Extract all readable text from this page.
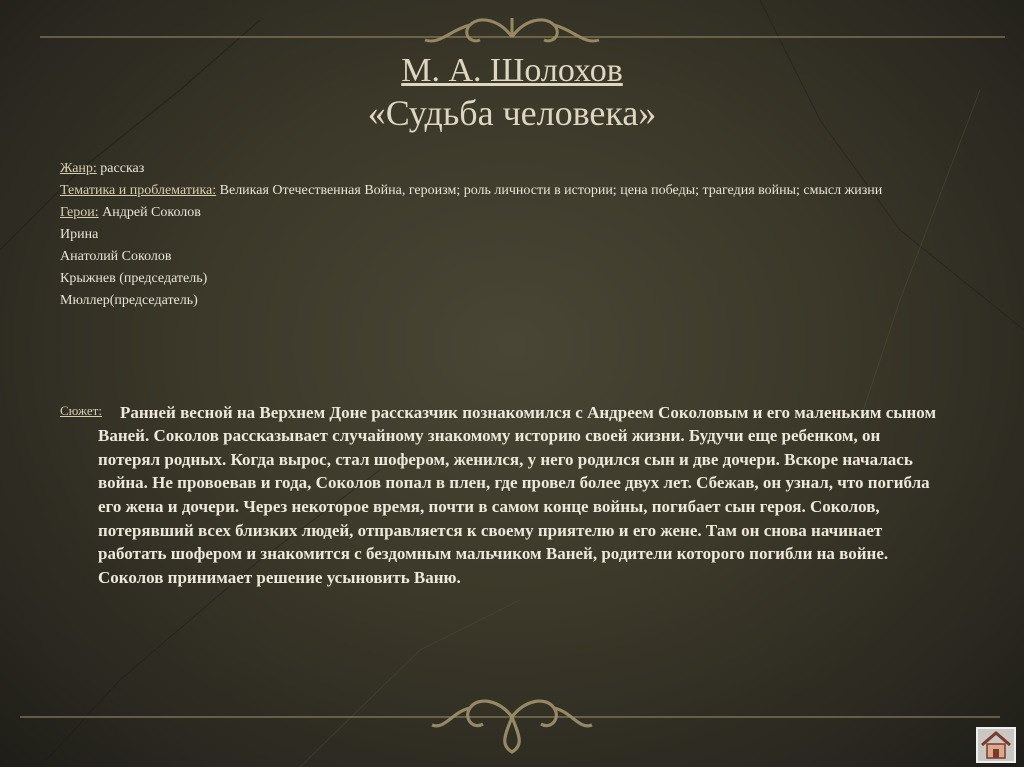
М. А. Шолохов
«Судьба человека»
Жанр: рассказ
Тематика и проблематика: Великая Отечественная Война, героизм; роль личности в истории; цена победы; трагедия войны; смысл жизни
Герои: Андрей Соколов
Ирина
Анатолий Соколов
Крыжнев (председатель)
Мюллер(председатель)
Сюжет:	Ранней весной на Верхнем Доне рассказчик познакомился с Андреем Соколовым и его маленьким сыном Ваней. Соколов рассказывает случайному знакомому историю своей жизни. Будучи еще ребенком, он потерял родных. Когда вырос, стал шофером, женился, у него родился сын и две дочери. Вскоре началась война. Не провоевав и года, Соколов попал в плен, где провел более двух лет. Сбежав, он узнал, что погибла его жена и дочери. Через некоторое время, почти в самом конце войны, погибает сын героя. Соколов, потерявший всех близких людей, отправляется к своему приятелю и его жене. Там он снова начинает работать шофером и знакомится с бездомным мальчиком Ваней, родители которого погибли на войне. Соколов принимает решение усыновить Ваню.
